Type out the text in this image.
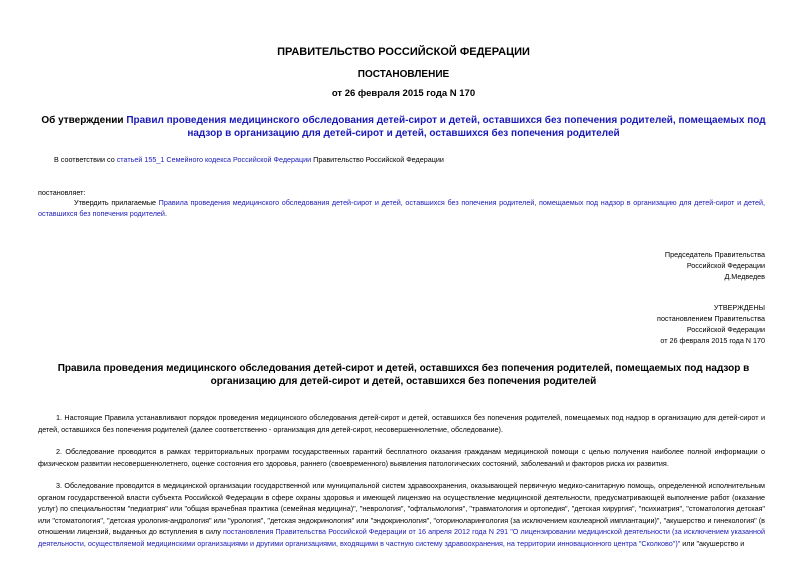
ПРАВИТЕЛЬСТВО РОССИЙСКОЙ ФЕДЕРАЦИИ
ПОСТАНОВЛЕНИЕ
от 26 февраля 2015 года N 170
Об утверждении Правил проведения медицинского обследования детей-сирот и детей, оставшихся без попечения родителей, помещаемых под надзор в организацию для детей-сирот и детей, оставшихся без попечения родителей
В соответствии со статьей 155_1 Семейного кодекса Российской Федерации Правительство Российской Федерации
постановляет:
Утвердить прилагаемые Правила проведения медицинского обследования детей-сирот и детей, оставшихся без попечения родителей, помещаемых под надзор в организацию для детей-сирот и детей, оставшихся без попечения родителей.
Председатель Правительства
Российской Федерации
Д.Медведев
УТВЕРЖДЕНЫ
постановлением Правительства
Российской Федерации
от 26 февраля 2015 года N 170
Правила проведения медицинского обследования детей-сирот и детей, оставшихся без попечения родителей, помещаемых под надзор в организацию для детей-сирот и детей, оставшихся без попечения родителей
1. Настоящие Правила устанавливают порядок проведения медицинского обследования детей-сирот и детей, оставшихся без попечения родителей, помещаемых под надзор в организацию для детей-сирот и детей, оставшихся без попечения родителей (далее соответственно - организация для детей-сирот, несовершеннолетние, обследование).
2. Обследование проводится в рамках территориальных программ государственных гарантий бесплатного оказания гражданам медицинской помощи с целью получения наиболее полной информации о физическом развитии несовершеннолетнего, оценке состояния его здоровья, раннего (своевременного) выявления патологических состояний, заболеваний и факторов риска их развития.
3. Обследование проводится в медицинской организации государственной или муниципальной систем здравоохранения, оказывающей первичную медико-санитарную помощь, определенной исполнительным органом государственной власти субъекта Российской Федерации в сфере охраны здоровья и имеющей лицензию на осуществление медицинской деятельности, предусматривающей выполнение работ (оказание услуг) по специальностям "педиатрия" или "общая врачебная практика (семейная медицина)", "неврология", "офтальмология", "травматология и ортопедия", "детская хирургия", "психиатрия", "стоматология детская" или "стоматология", "детская урология-андрология" или "урология", "детская эндокринология" или "эндокринология", "оториноларингология (за исключением кохлеарной имплантации)", "акушерство и гинекология" (в отношении лицензий, выданных до вступления в силу постановления Правительства Российской Федерации от 16 апреля 2012 года N 291 "О лицензировании медицинской деятельности (за исключением указанной деятельности, осуществляемой медицинскими организациями и другими организациями, входящими в частную систему здравоохранения, на территории инновационного центра "Сколково")" или "акушерство и
